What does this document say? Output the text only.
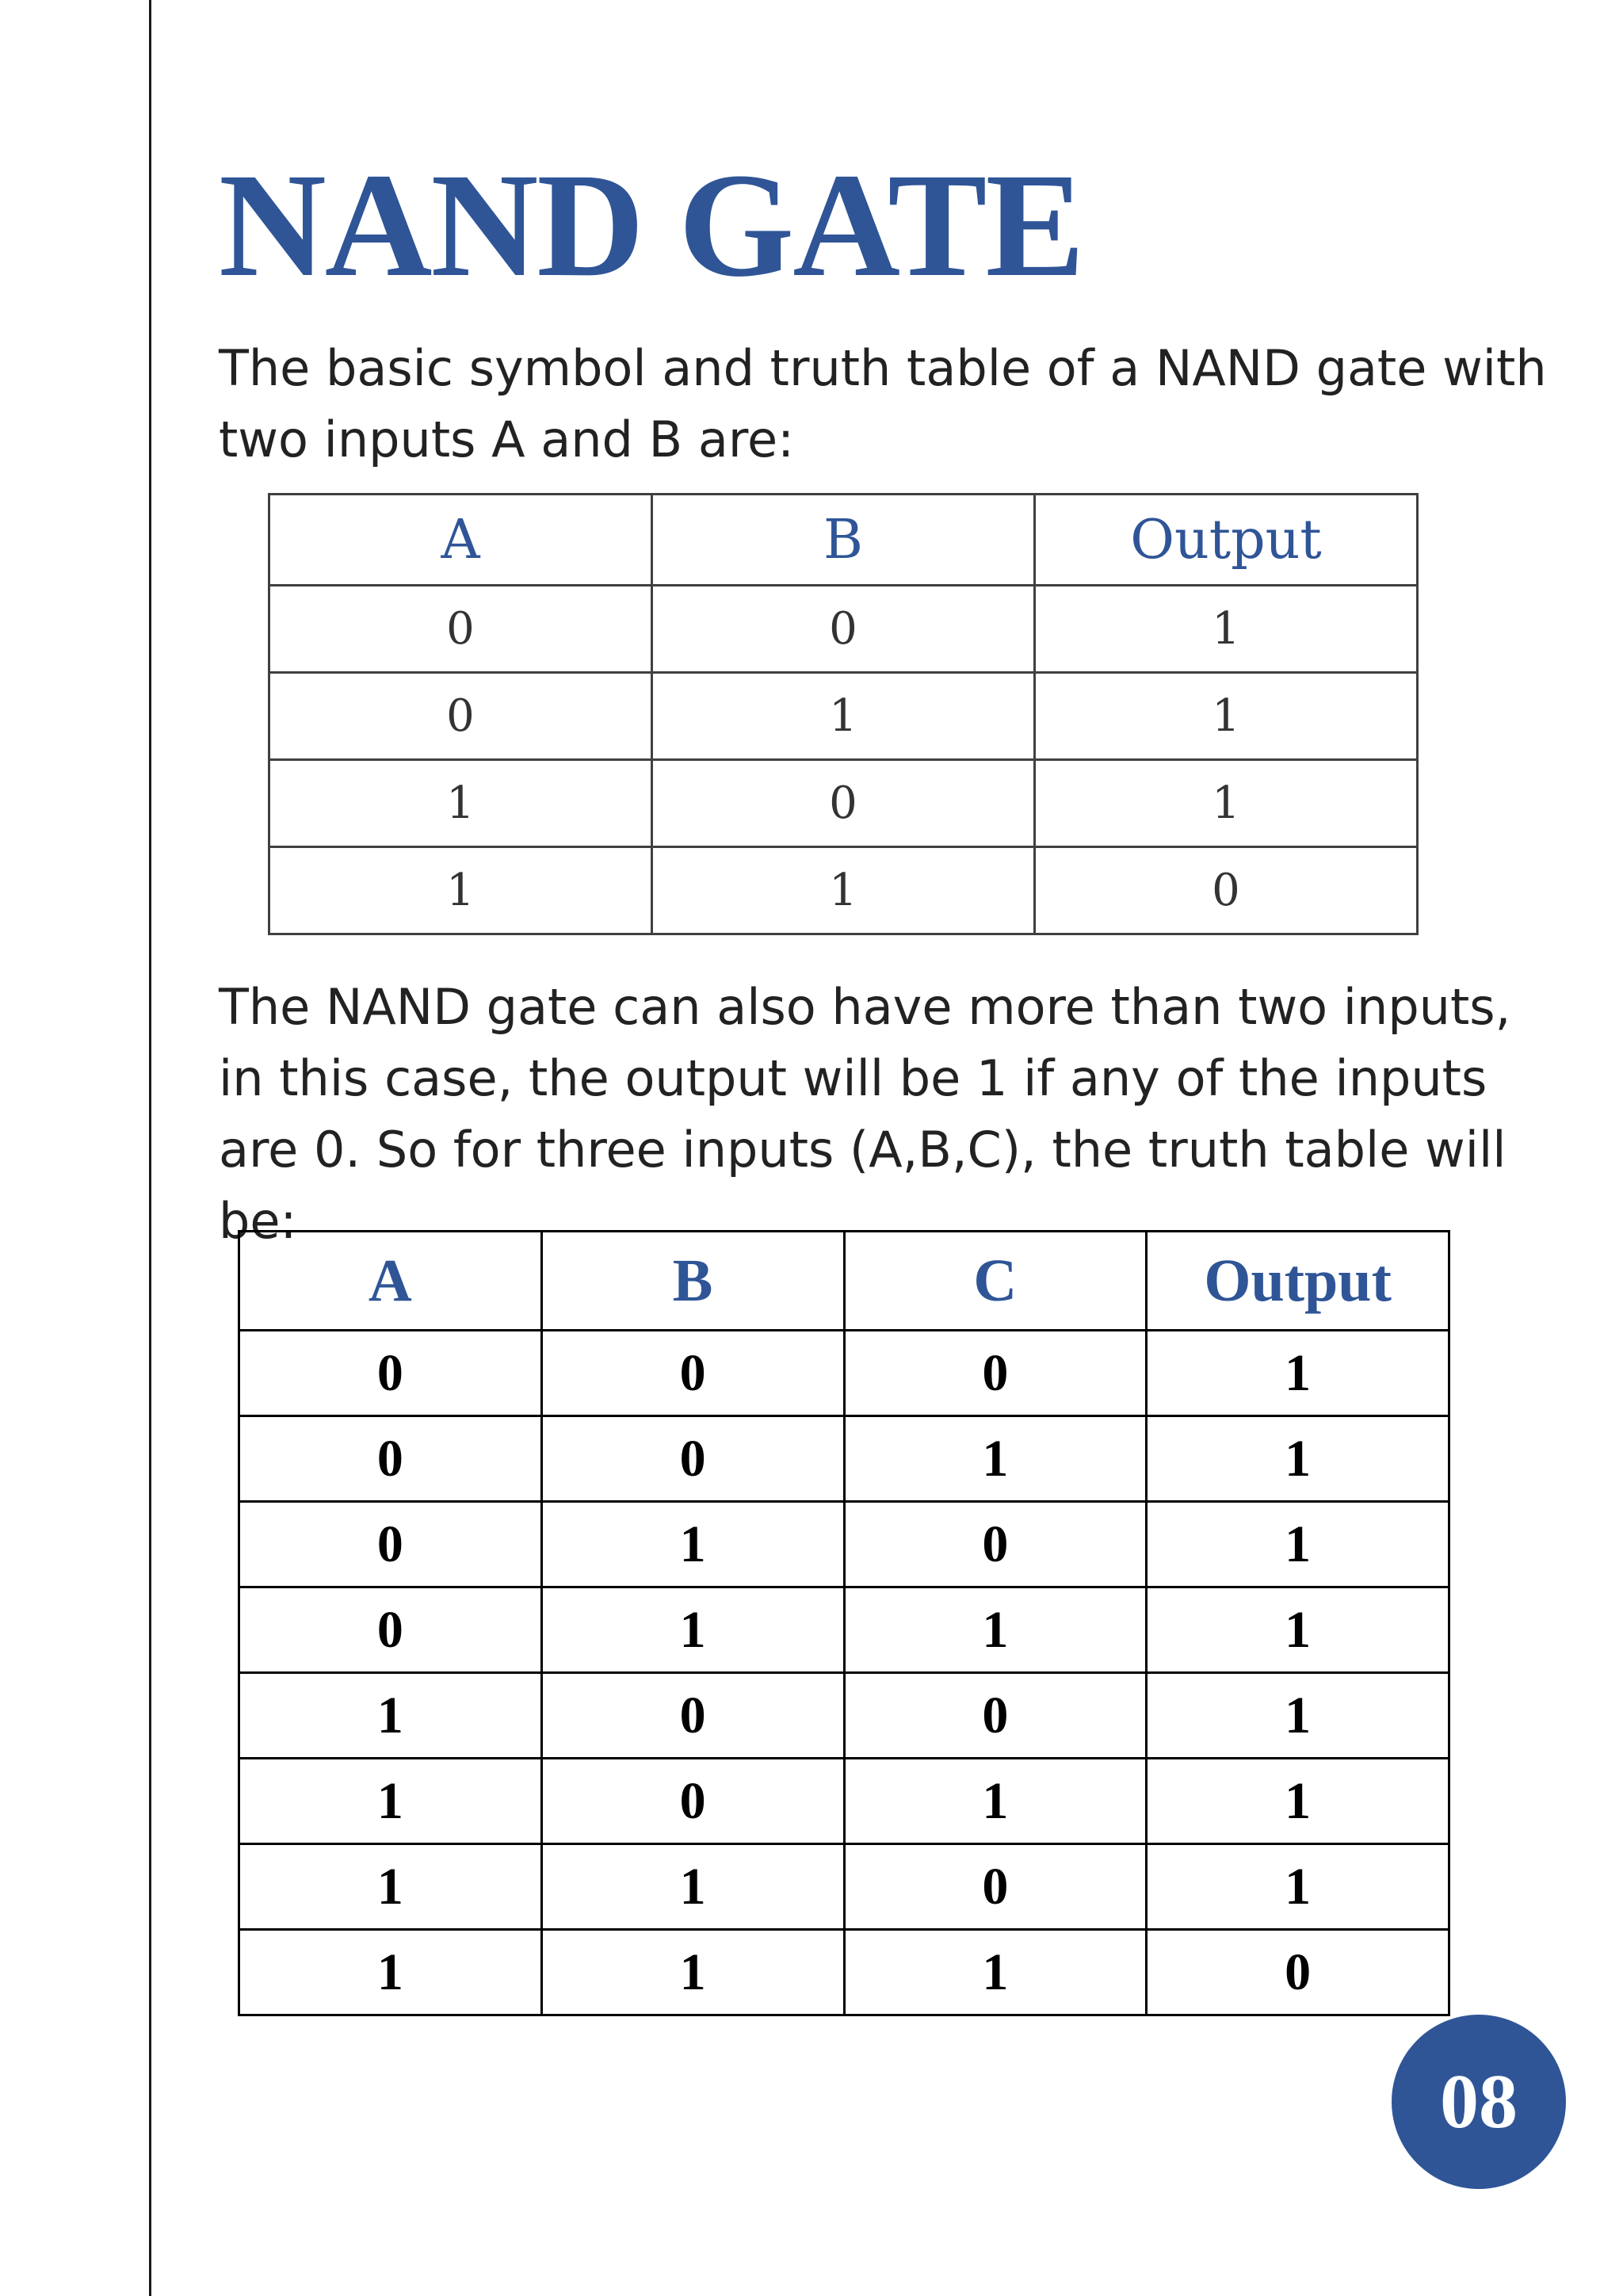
NAND GATE

The basic symbol and truth table of a NAND gate with two inputs A and B are:

A	B	Output
0	0	1
0	1	1
1	0	1
1	1	0

The NAND gate can also have more than two inputs, in this case, the output will be 1 if any of the inputs are 0. So for three inputs (A,B,C), the truth table will be:

A	B	C	Output
0	0	0	1
0	0	1	1
0	1	0	1
0	1	1	1
1	0	0	1
1	0	1	1
1	1	0	1
1	1	1	0
08
